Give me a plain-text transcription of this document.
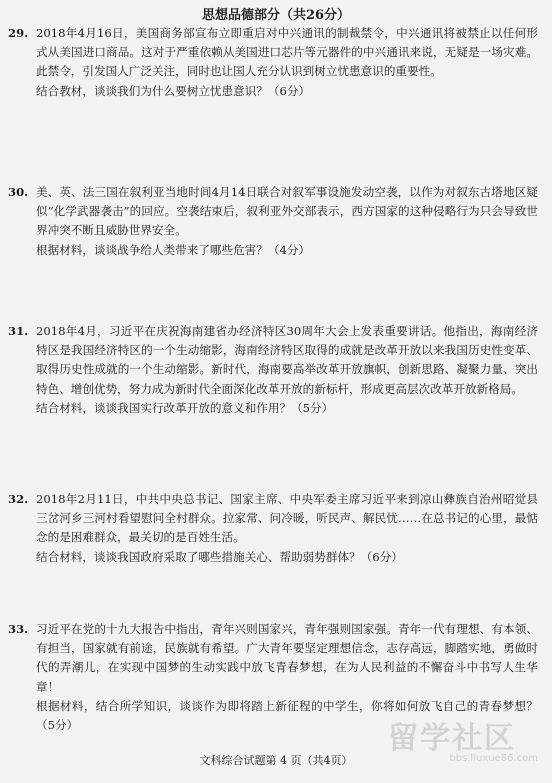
思想品德部分（共26分）
29. 2018年4月16日，美国商务部宣布立即重启对中兴通讯的制裁禁令，中兴通讯将被禁止以任何形式从美国进口商品。这对于严重依赖从美国进口芯片等元器件的中兴通讯来说，无疑是一场灾难。此禁令，引发国人广泛关注，同时也让国人充分认识到树立忧患意识的重要性。

结合教材，谈谈我们为什么要树立忧患意识？（6分）

30. 美、英、法三国在叙利亚当地时间4月14日联合对叙军事设施发动空袭，以作为对叙东古塔地区疑似“化学武器袭击”的回应。空袭结束后，叙利亚外交部表示，西方国家的这种侵略行为只会导致世界冲突不断且威胁世界安全。

根据材料，谈谈战争给人类带来了哪些危害？（4分）

31. 2018年4月，习近平在庆祝海南建省办经济特区30周年大会上发表重要讲话。他指出，海南经济特区是我国经济特区的一个生动缩影，海南经济特区取得的成就是改革开放以来我国历史性变革、取得历史性成就的一个生动缩影。新时代，海南要高举改革开放旗帜，创新思路、凝聚力量、突出特色、增创优势，努力成为新时代全面深化改革开放的新标杆，形成更高层次改革开放新格局。

结合材料，谈谈我国实行改革开放的意义和作用？（5分）

32. 2018年2月11日，中共中央总书记、国家主席、中央军委主席习近平来到凉山彝族自治州昭觉县三岔河乡三河村看望慰问全村群众。拉家常、问冷暖，听民声、解民忧……在总书记的心里，最惦念的是困难群众，最关切的是百姓生活。

结合材料，谈谈我国政府采取了哪些措施关心、帮助弱势群体？（6分）

33. 习近平在党的十九大报告中指出，青年兴则国家兴，青年强则国家强。青年一代有理想、有本领、有担当，国家就有前途，民族就有希望。广大青年要坚定理想信念，志存高远，脚踏实地，勇做时代的弄潮儿，在实现中国梦的生动实践中放飞青春梦想，在为人民利益的不懈奋斗中书写人生华章！

根据材料，结合所学知识，谈谈作为即将踏上新征程的中学生，你将如何放飞自己的青春梦想？（5分）

文科综合试题第 4 页（共4页）
留学社区
bbs.liuxue86.com
